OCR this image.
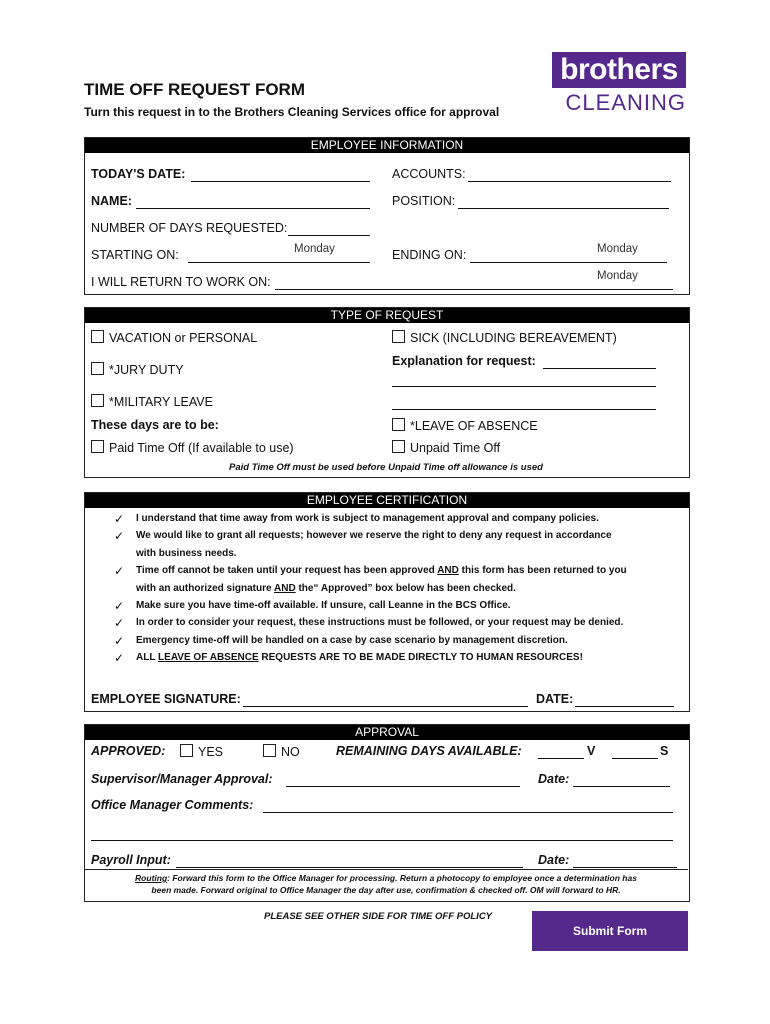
TIME OFF REQUEST FORM
Turn this request in to the Brothers Cleaning Services office for approval
brothers
CLEANING
EMPLOYEE INFORMATION
TODAY'S DATE:	ACCOUNTS:
NAME:	POSITION:
NUMBER OF DAYS REQUESTED:
STARTING ON:	Monday	ENDING ON:	Monday
I WILL RETURN TO WORK ON:	Monday
TYPE OF REQUEST
VACATION or PERSONAL	SICK (INCLUDING BEREAVEMENT)
*JURY DUTY
Explanation for request:
*MILITARY LEAVE
These days are to be:	*LEAVE OF ABSENCE
Paid Time Off (If available to use)	Unpaid Time Off
Paid Time Off must be used before Unpaid Time off allowance is used
EMPLOYEE CERTIFICATION
✓ I understand that time away from work is subject to management approval and company policies.
✓ We would like to grant all requests; however we reserve the right to deny any request in accordance
with business needs.
✓ Time off cannot be taken until your request has been approved AND this form has been returned to you
with an authorized signature AND the“ Approved” box below has been checked.
✓ Make sure you have time-off available. If unsure, call Leanne in the BCS Office.
✓ In order to consider your request, these instructions must be followed, or your request may be denied.
✓ Emergency time-off will be handled on a case by case scenario by management discretion.
✓ ALL LEAVE OF ABSENCE REQUESTS ARE TO BE MADE DIRECTLY TO HUMAN RESOURCES!
EMPLOYEE SIGNATURE:	DATE:
APPROVAL
APPROVED:	YES	NO	REMAINING DAYS AVAILABLE:	V	S
Supervisor/Manager Approval:	Date:
Office Manager Comments:
Payroll Input:	Date:
Routing: Forward this form to the Office Manager for processing. Return a photocopy to employee once a determination has
been made. Forward original to Office Manager the day after use, confirmation & checked off. OM will forward to HR.
PLEASE SEE OTHER SIDE FOR TIME OFF POLICY
Submit Form
